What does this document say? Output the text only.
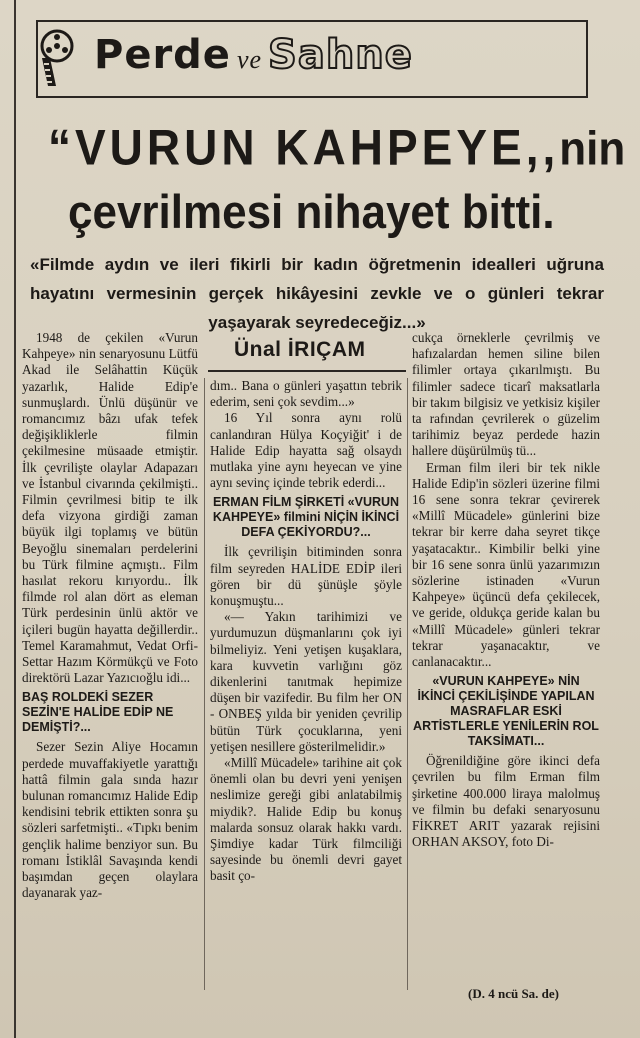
Perde ve Sahne
“VURUN KAHPEYE,,nin
çevrilmesi nihayet bitti.
«Filmde aydın ve ileri fikirli bir kadın öğretmenin idealleri uğruna hayatını vermesinin gerçek hikâyesini zevkle ve o günleri tekrar yaşayarak seyredeceğiz...»
Ünal İRIÇAM

1948 de çekilen «Vurun Kahpeye» nin senaryosunu Lütfü Akad ile Selâhattin Küçük yazarlık, Halide Edip'e sunmuşlardı. Ünlü düşünür ve romancımız bâzı ufak tefek değişikliklerle filmin çekilmesine müsaade etmiştir. İlk çevrilişte olaylar Adapazarı ve İstanbul civarında çekilmişti.. Filmin çevrilmesi bitip te ilk defa vizyona girdiği zaman büyük ilgi toplamış ve bütün Beyoğlu sinemaları perdelerini bu Türk filmine açmıştı.. Film hasılat rekoru kırıyordu.. İlk filmde rol alan dört as eleman Türk perdesinin ünlü aktör ve içileri bugün hayatta değillerdir.. Temel Karamahmut, Vedat Orfi-Settar Hazım Körmükçü ve Foto direktörü Lazar Yazıcıoğlu idi...

BAŞ ROLDEKİ SEZER SEZİN'E HALİDE EDİP NE DEMİŞTİ?...

Sezer Sezin Aliye Hocamın perdede muvaffakiyetle yarattığı hattâ filmin gala sında hazır bulunan romancımız Halide Edip kendisini tebrik ettikten sonra şu sözleri sarfetmişti.. «Tıpkı benim gençlik halime benziyor sun. Bu romanı İstiklâl Savaşında kendi başımdan geçen olaylara dayanarak yaz-

dım.. Bana o günleri yaşattın tebrik ederim, seni çok sevdim...»

16 Yıl sonra aynı rolü canlandıran Hülya Koçyiğit' i de Halide Edip hayatta sağ olsaydı mutlaka yine aynı heyecan ve yine aynı sevinç içinde tebrik ederdi...

ERMAN FİLM ŞİRKETİ «VURUN KAHPEYE» filmini NİÇİN İKİNCİ DEFA ÇEKİYORDU?...

İlk çevrilişin bitiminden sonra film seyreden HALİDE EDİP ileri gören bir dü şünüşle şöyle konuşmuştu...

«— Yakın tarihimizi ve yurdumuzun düşmanlarını çok iyi bilmeliyiz. Yeni yetişen kuşaklara, kara kuvvetin varlığını göz dikenlerini tanıtmak hepimize düşen bir vazifedir. Bu film her ON - ONBEŞ yılda bir yeniden çevrilip bütün Türk çocuklarına, yeni yetişen nesillere gösterilmelidir.»

«Millî Mücadele» tarihine ait çok önemli olan bu devri yeni yenişen neslimize gereği gibi anlatabilmiş miydik?. Halide Edip bu konuş malarda sonsuz olarak hakkı vardı. Şimdiye kadar Türk filmciliği sayesinde bu önemli devri gayet basit ço-

cukça örneklerle çevrilmiş ve hafızalardan hemen siline bilen filimler ortaya çıkarılmıştı. Bu filimler sadece ticarî maksatlarla bir takım bilgisiz ve yetkisiz kişiler ta rafından çevrilerek o güzelim tarihimiz beyaz perdede hazin hallere düşürülmüş tü...

Erman film ileri bir tek nikle Halide Edip'in sözleri üzerine filmi 16 sene sonra tekrar çevirerek «Millî Mücadele» günlerini bize tekrar bir kerre daha seyret tikçe yaşatacaktır.. Kimbilir belki yine bir 16 sene sonra ünlü yazarımızın sözlerine istinaden «Vurun Kahpeye» üçüncü defa çekilecek, ve geride, oldukça geride kalan bu «Millî Mücadele» günleri tekrar tekrar yaşanacaktır, ve canlanacaktır...

«VURUN KAHPEYE» NİN İKİNCİ ÇEKİLİŞİNDE YAPILAN MASRAFLAR ESKİ ARTİSTLERLE YENİLERİN ROL TAKSİMATI...

Öğrenildiğine göre ikinci defa çevrilen bu film Erman film şirketine 400.000 liraya malolmuş ve filmin bu defaki senaryosunu FİKRET ARIT yazarak rejisini ORHAN AKSOY, foto Di-

(D. 4 ncü Sa. de)
